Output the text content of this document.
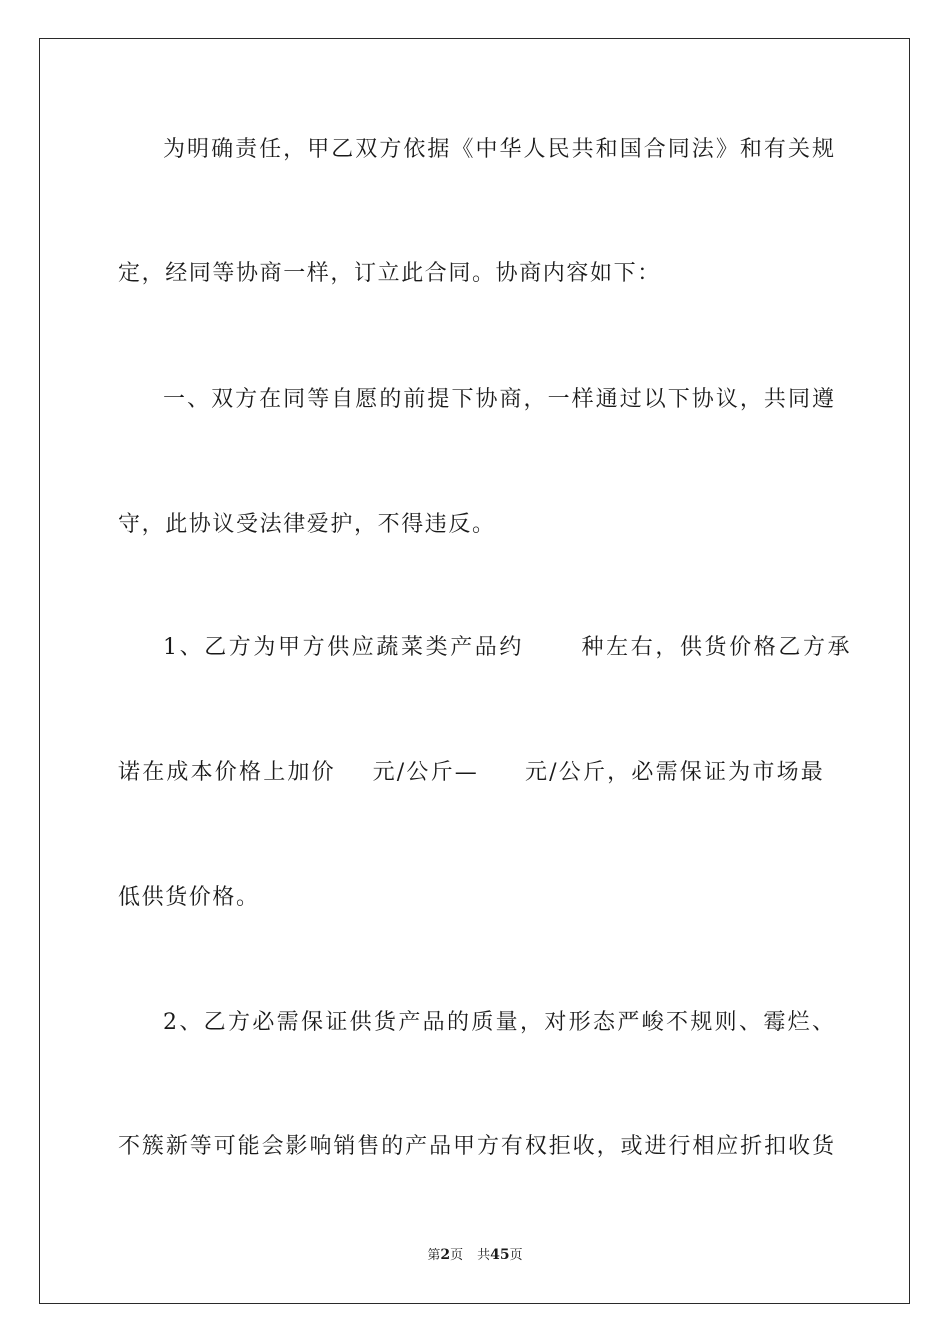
为明确责任，甲乙双方依据《中华人民共和国合同法》和有关规

定，经同等协商一样，订立此合同。协商内容如下：

一、双方在同等自愿的前提下协商，一样通过以下协议，共同遵

守，此协议受法律爱护，不得违反。

1、乙方为甲方供应蔬菜类产品约      种左右，供货价格乙方承

诺在成本价格上加价    元/公斤—     元/公斤，必需保证为市场最

低供货价格。

2、乙方必需保证供货产品的质量，对形态严峻不规则、霉烂、

不簇新等可能会影响销售的产品甲方有权拒收，或进行相应折扣收货

第2页 共45页
